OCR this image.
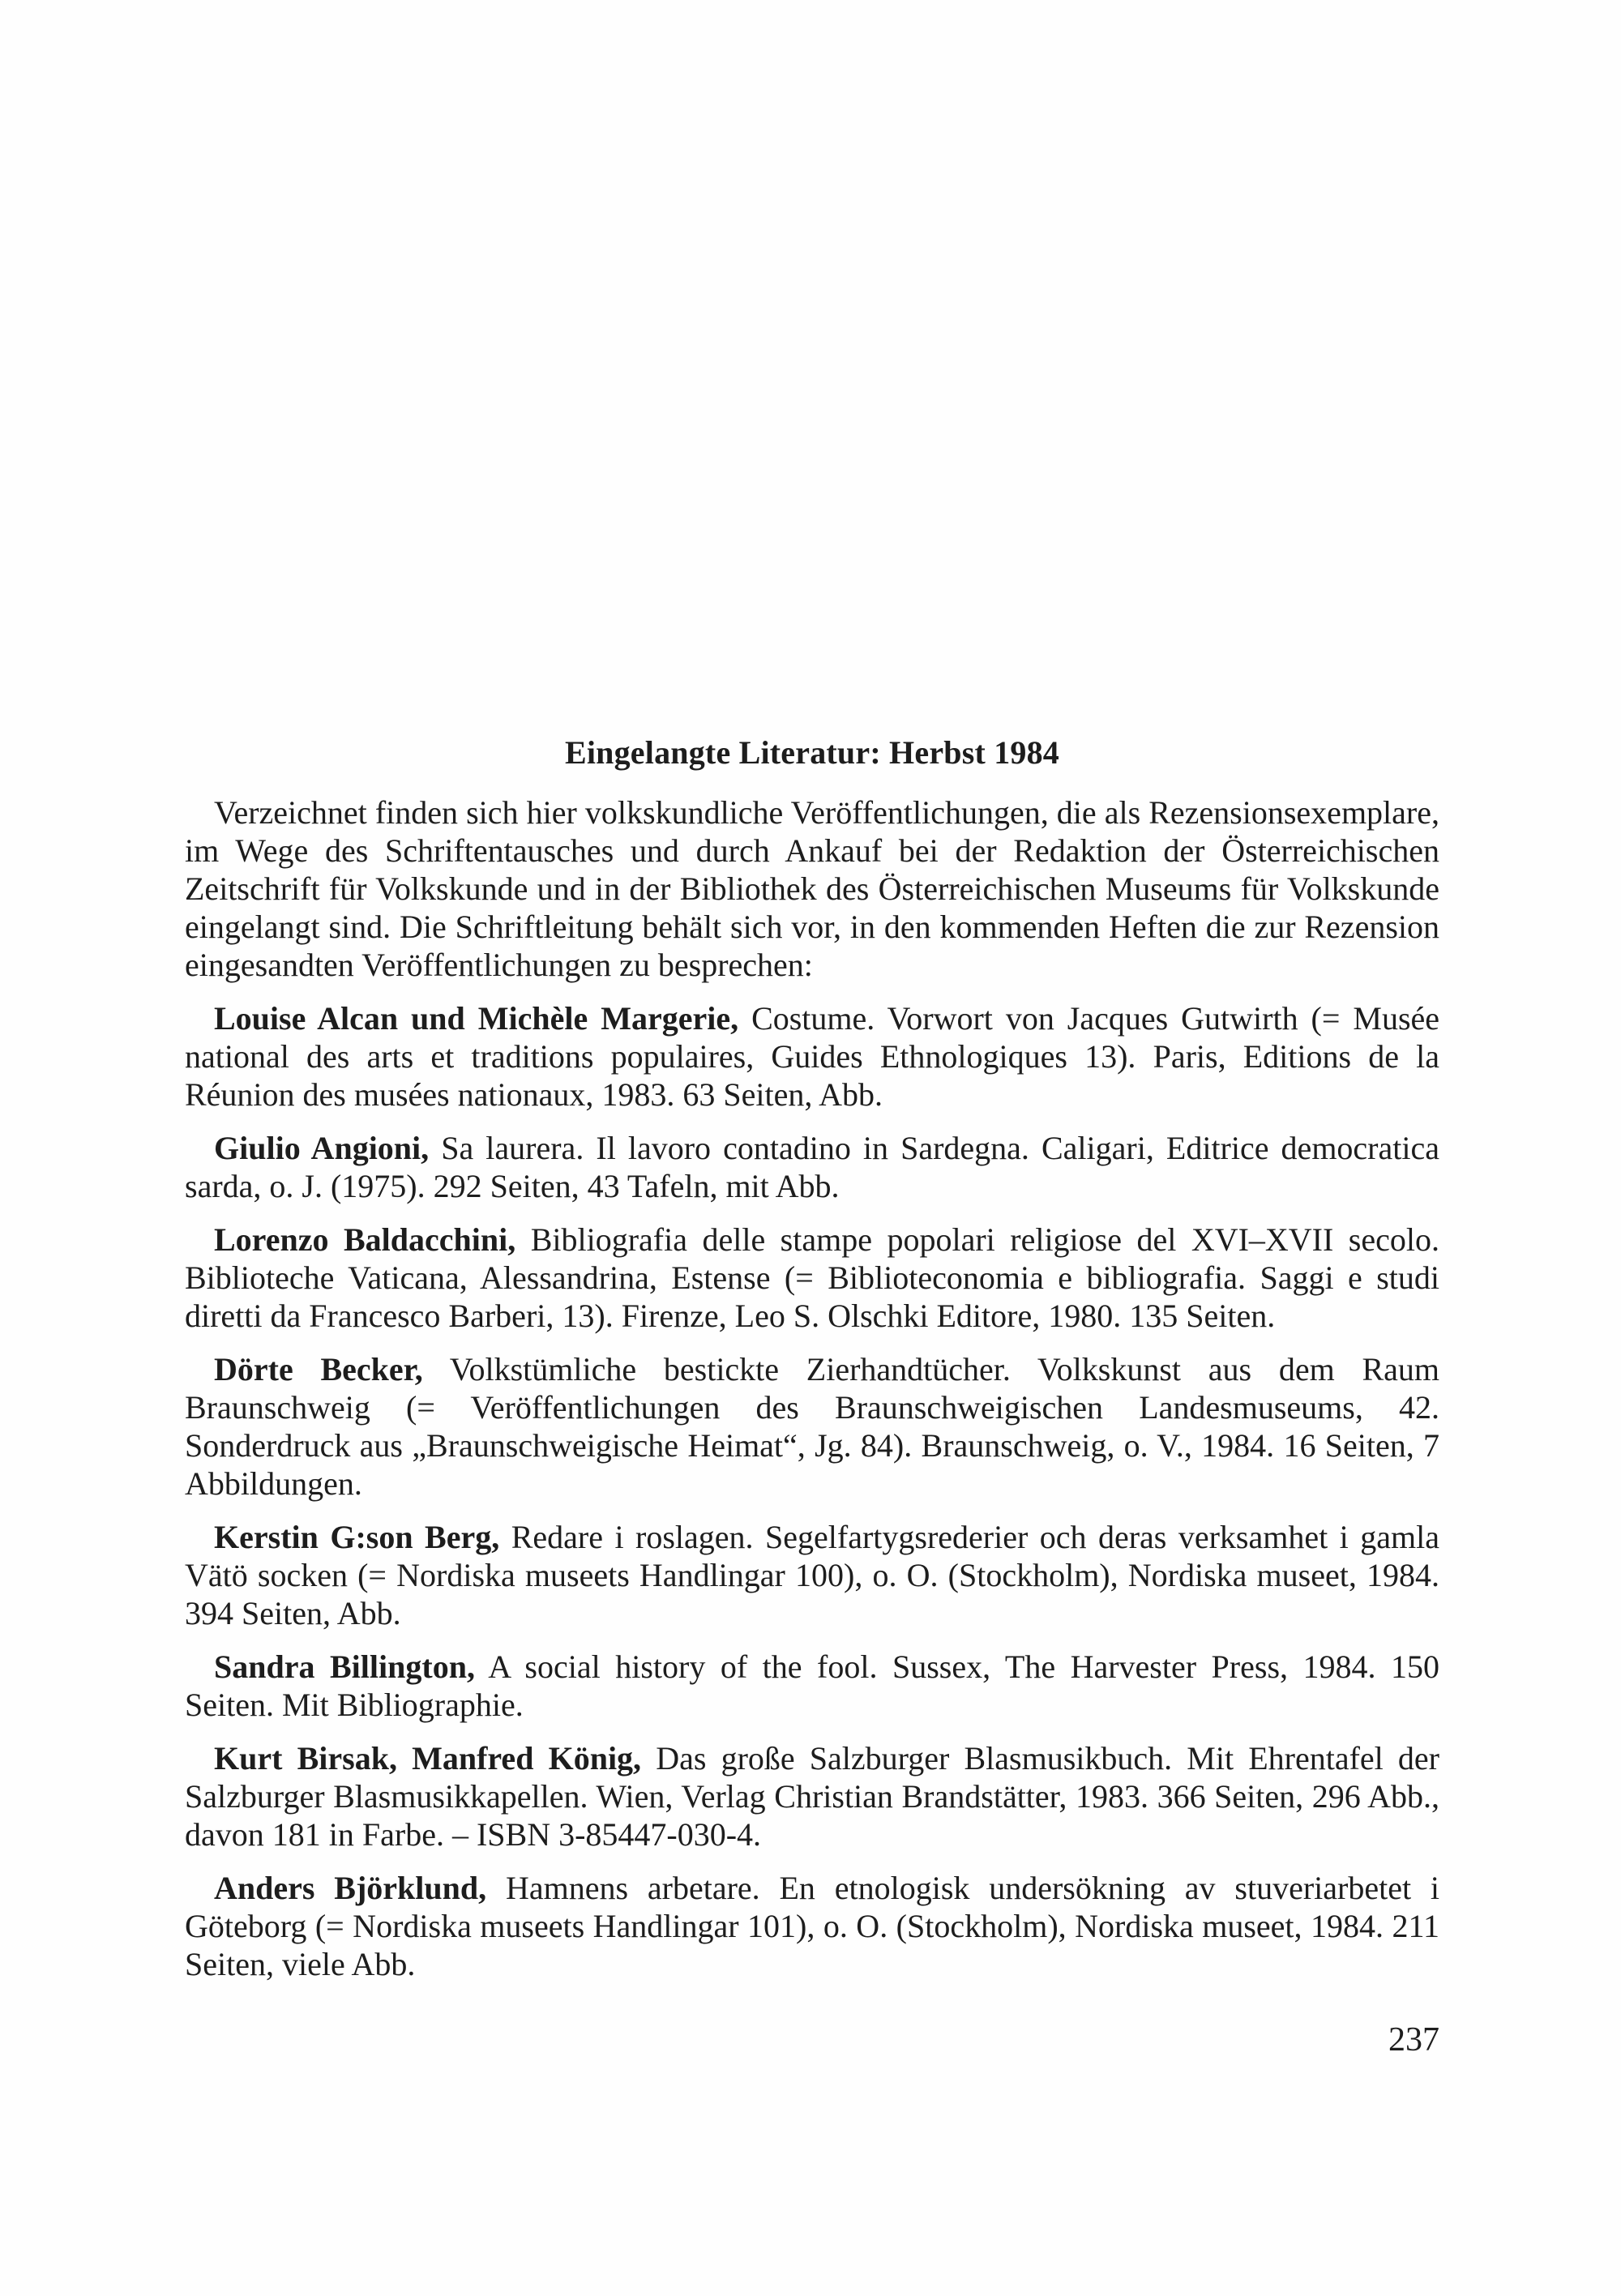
Eingelangte Literatur: Herbst 1984

Verzeichnet finden sich hier volkskundliche Veröffentlichungen, die als Rezensionsexemplare, im Wege des Schriftentausches und durch Ankauf bei der Redaktion der Österreichischen Zeitschrift für Volkskunde und in der Bibliothek des Österreichischen Museums für Volkskunde eingelangt sind. Die Schriftleitung behält sich vor, in den kommenden Heften die zur Rezension eingesandten Veröffentlichungen zu besprechen:

Louise Alcan und Michèle Margerie, Costume. Vorwort von Jacques Gutwirth (= Musée national des arts et traditions populaires, Guides Ethnologiques 13). Paris, Editions de la Réunion des musées nationaux, 1983. 63 Seiten, Abb.

Giulio Angioni, Sa laurera. Il lavoro contadino in Sardegna. Caligari, Editrice democratica sarda, o. J. (1975). 292 Seiten, 43 Tafeln, mit Abb.

Lorenzo Baldacchini, Bibliografia delle stampe popolari religiose del XVI–XVII secolo. Biblioteche Vaticana, Alessandrina, Estense (= Biblioteconomia e bibliografia. Saggi e studi diretti da Francesco Barberi, 13). Firenze, Leo S. Olschki Editore, 1980. 135 Seiten.

Dörte Becker, Volkstümliche bestickte Zierhandtücher. Volkskunst aus dem Raum Braunschweig (= Veröffentlichungen des Braunschweigischen Landesmuseums, 42. Sonderdruck aus „Braunschweigische Heimat“, Jg. 84). Braunschweig, o. V., 1984. 16 Seiten, 7 Abbildungen.

Kerstin G:son Berg, Redare i roslagen. Segelfartygsrederier och deras verksamhet i gamla Vätö socken (= Nordiska museets Handlingar 100), o. O. (Stockholm), Nordiska museet, 1984. 394 Seiten, Abb.

Sandra Billington, A social history of the fool. Sussex, The Harvester Press, 1984. 150 Seiten. Mit Bibliographie.

Kurt Birsak, Manfred König, Das große Salzburger Blasmusikbuch. Mit Ehrentafel der Salzburger Blasmusikkapellen. Wien, Verlag Christian Brandstätter, 1983. 366 Seiten, 296 Abb., davon 181 in Farbe. – ISBN 3-85447-030-4.

Anders Björklund, Hamnens arbetare. En etnologisk undersökning av stuveriarbetet i Göteborg (= Nordiska museets Handlingar 101), o. O. (Stockholm), Nordiska museet, 1984. 211 Seiten, viele Abb.

237
